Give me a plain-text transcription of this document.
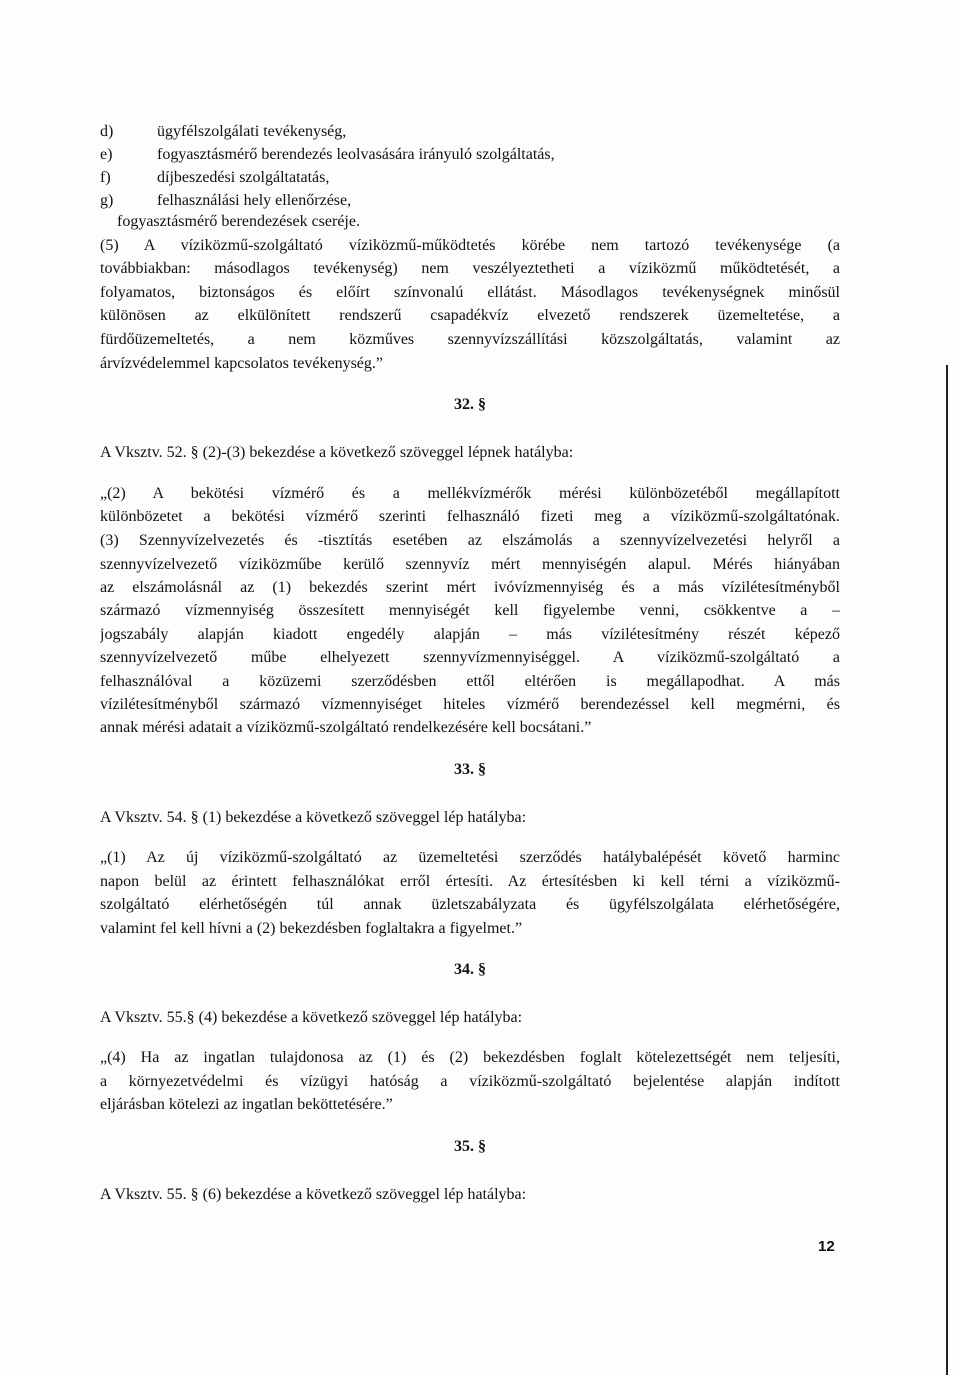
d)	ügyfélszolgálati tevékenység,
e)	fogyasztásmérő berendezés leolvasására irányuló szolgáltatás,
f)	díjbeszedési szolgáltatatás,
g)	felhasználási hely ellenőrzése,
fogyasztásmérő berendezések cseréje.
(5) A víziközmű-szolgáltató víziközmű-működtetés körébe nem tartozó tevékenysége (a
továbbiakban: másodlagos tevékenység) nem veszélyeztetheti a víziközmű működtetését, a
folyamatos, biztonságos és előírt színvonalú ellátást. Másodlagos tevékenységnek minősül
különösen az elkülönített rendszerű csapadékvíz elvezető rendszerek üzemeltetése, a
fürdőüzemeltetés, a nem közműves szennyvízszállítási közszolgáltatás, valamint az
árvízvédelemmel kapcsolatos tevékenység.”
32. §
A Vksztv. 52. § (2)-(3) bekezdése a következő szöveggel lépnek hatályba:
„(2) A bekötési vízmérő és a mellékvízmérők mérési különbözetéből megállapított
különbözetet a bekötési vízmérő szerinti felhasználó fizeti meg a víziközmű-szolgáltatónak.
(3) Szennyvízelvezetés és -tisztítás esetében az elszámolás a szennyvízelvezetési helyről a
szennyvízelvezető víziközműbe kerülő szennyvíz mért mennyiségén alapul. Mérés hiányában
az elszámolásnál az (1) bekezdés szerint mért ivóvízmennyiség és a más vízilétesítményből
származó vízmennyiség összesített mennyiségét kell figyelembe venni, csökkentve a –
jogszabály alapján kiadott engedély alapján – más vízilétesítmény részét képező
szennyvízelvezető műbe elhelyezett szennyvízmennyiséggel. A víziközmű-szolgáltató a
felhasználóval a közüzemi szerződésben ettől eltérően is megállapodhat. A más
vízilétesítményből származó vízmennyiséget hiteles vízmérő berendezéssel kell megmérni, és
annak mérési adatait a víziközmű-szolgáltató rendelkezésére kell bocsátani.”
33. §
A Vksztv. 54. § (1) bekezdése a következő szöveggel lép hatályba:
„(1) Az új víziközmű-szolgáltató az üzemeltetési szerződés hatálybalépését követő harminc
napon belül az érintett felhasználókat erről értesíti. Az értesítésben ki kell térni a víziközmű-
szolgáltató elérhetőségén túl annak üzletszabályzata és ügyfélszolgálata elérhetőségére,
valamint fel kell hívni a (2) bekezdésben foglaltakra a figyelmet.”
34. §
A Vksztv. 55.§ (4) bekezdése a következő szöveggel lép hatályba:
„(4) Ha az ingatlan tulajdonosa az (1) és (2) bekezdésben foglalt kötelezettségét nem teljesíti,
a környezetvédelmi és vízügyi hatóság a víziközmű-szolgáltató bejelentése alapján indított
eljárásban kötelezi az ingatlan beköttetésére.”
35. §
A Vksztv. 55. § (6) bekezdése a következő szöveggel lép hatályba:
12
